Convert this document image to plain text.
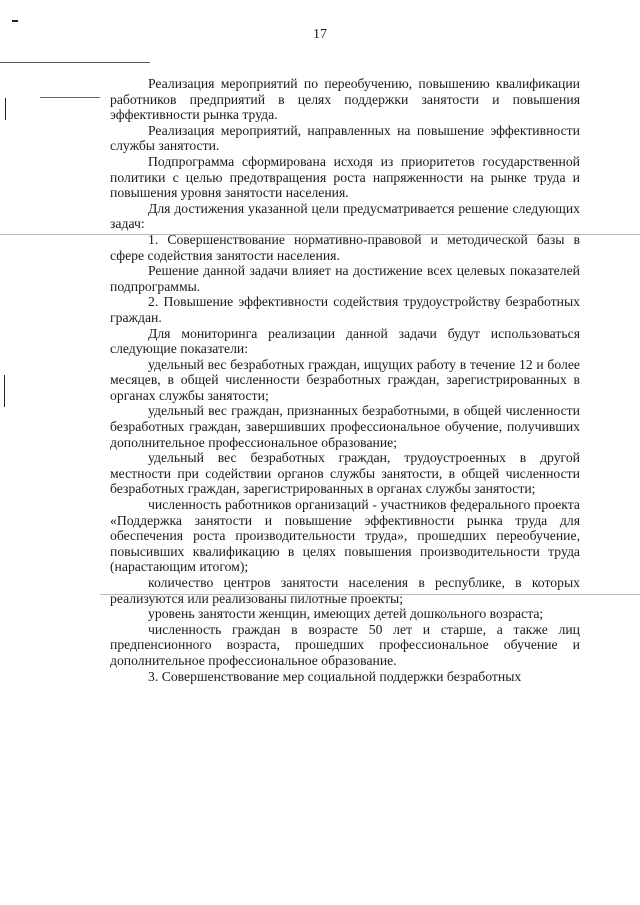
17

Реализация мероприятий по переобучению, повышению квалификации работников предприятий в целях поддержки занятости и повышения эффективности рынка труда.

Реализация мероприятий, направленных на повышение эффективности службы занятости.

Подпрограмма сформирована исходя из приоритетов государственной политики с целью предотвращения роста напряженности на рынке труда и повышения уровня занятости населения.

Для достижения указанной цели предусматривается решение следующих задач:

1. Совершенствование нормативно-правовой и методической базы в сфере содействия занятости населения.

Решение данной задачи влияет на достижение всех целевых показателей подпрограммы.

2. Повышение эффективности содействия трудоустройству безработных граждан.

Для мониторинга реализации данной задачи будут использоваться следующие показатели:

удельный вес безработных граждан, ищущих работу в течение 12 и более месяцев, в общей численности безработных граждан, зарегистрированных в органах службы занятости;

удельный вес граждан, признанных безработными, в общей численности безработных граждан, завершивших профессиональное обучение, получивших дополнительное профессиональное образование;

удельный вес безработных граждан, трудоустроенных в другой местности при содействии органов службы занятости, в общей численности безработных граждан, зарегистрированных в органах службы занятости;

численность работников организаций - участников федерального проекта «Поддержка занятости и повышение эффективности рынка труда для обеспечения роста производительности труда», прошедших переобучение, повысивших квалификацию в целях повышения производительности труда (нарастающим итогом);

количество центров занятости населения в республике, в которых реализуются или реализованы пилотные проекты;

уровень занятости женщин, имеющих детей дошкольного возраста;

численность граждан в возрасте 50 лет и старше, а также лиц предпенсионного возраста, прошедших профессиональное обучение и дополнительное профессиональное образование.

3. Совершенствование мер социальной поддержки безработных
